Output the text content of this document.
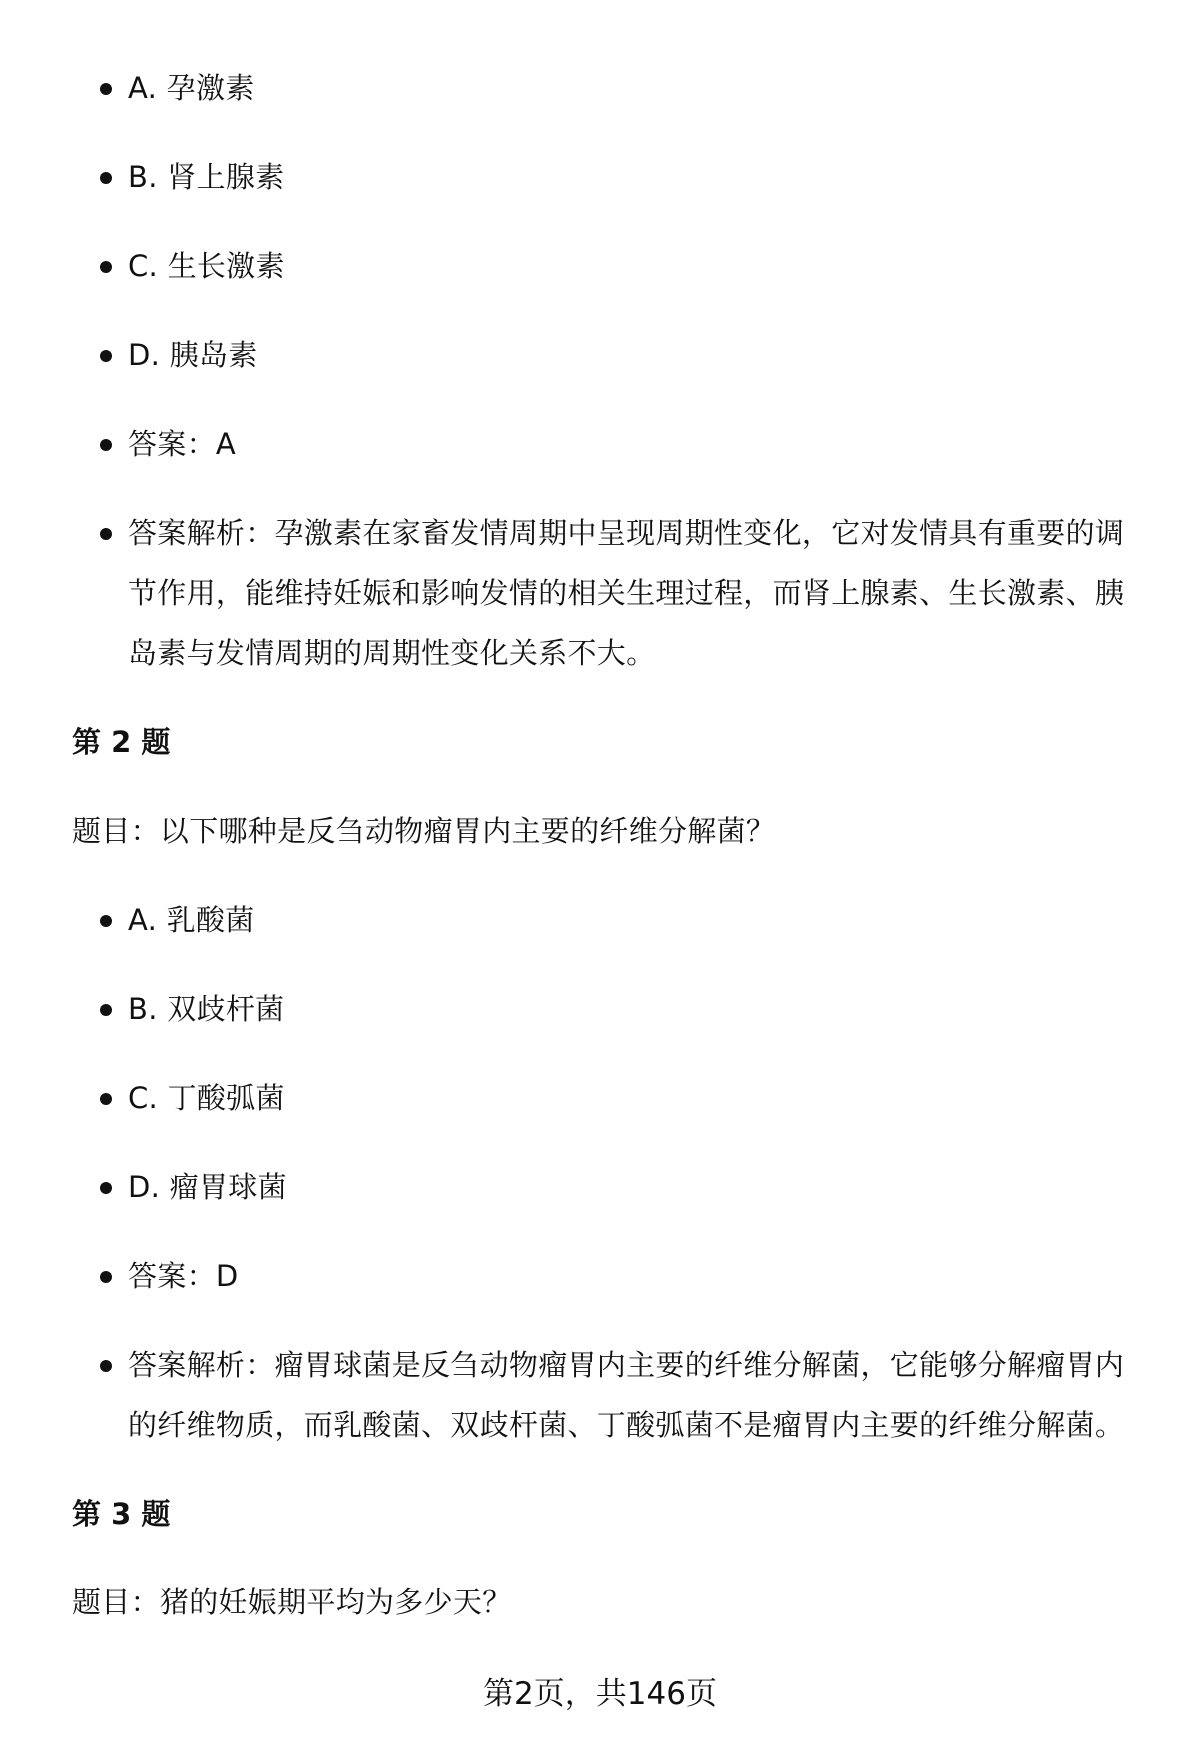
A. 孕激素
B. 肾上腺素
C. 生长激素
D. 胰岛素
答案：A
答案解析：孕激素在家畜发情周期中呈现周期性变化，它对发情具有重要的调节作用，能维持妊娠和影响发情的相关生理过程，而肾上腺素、生长激素、胰岛素与发情周期的周期性变化关系不大。
第 2 题
题目：以下哪种是反刍动物瘤胃内主要的纤维分解菌？
A. 乳酸菌
B. 双歧杆菌
C. 丁酸弧菌
D. 瘤胃球菌
答案：D
答案解析：瘤胃球菌是反刍动物瘤胃内主要的纤维分解菌，它能够分解瘤胃内的纤维物质，而乳酸菌、双歧杆菌、丁酸弧菌不是瘤胃内主要的纤维分解菌。
第 3 题
题目：猪的妊娠期平均为多少天？
第2页，共146页
